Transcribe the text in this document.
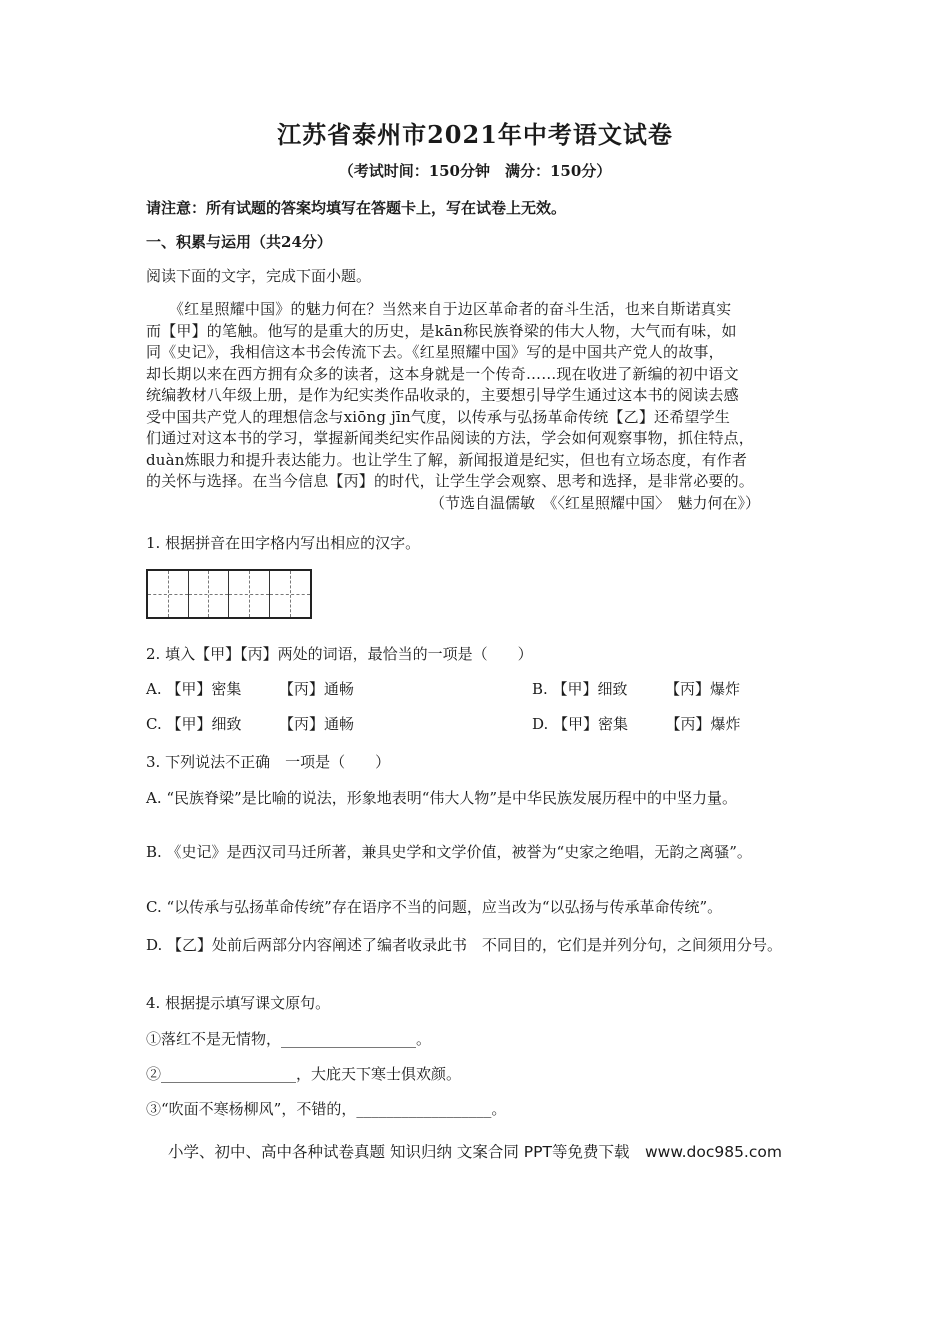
江苏省泰州市2021年中考语文试卷
（考试时间：150分钟　满分：150分）
请注意：所有试题的答案均填写在答题卡上，写在试卷上无效。
一、积累与运用（共24分）
阅读下面的文字，完成下面小题。
　　《红星照耀中国》的魅力何在？当然来自于边区革命者的奋斗生活，也来自斯诺真实
而【甲】的笔触。他写的是重大的历史，是kān称民族脊梁的伟大人物，大气而有味，如
同《史记》，我相信这本书会传流下去。《红星照耀中国》写的是中国共产党人的故事，
却长期以来在西方拥有众多的读者，这本身就是一个传奇……现在收进了新编的初中语文
统编教材八年级上册，是作为纪实类作品收录的，主要想引导学生通过这本书的阅读去感
受中国共产党人的理想信念与xiōng jīn气度，以传承与弘扬革命传统【乙】还希望学生
们通过对这本书的学习，掌握新闻类纪实作品阅读的方法，学会如何观察事物，抓住特点，
duàn炼眼力和提升表达能力。也让学生了解，新闻报道是纪实，但也有立场态度，有作者
的关怀与选择。在当今信息【丙】的时代，让学生学会观察、思考和选择，是非常必要的。
（节选自温儒敏　《〈红星照耀中国〉　魅力何在》）
1. 根据拼音在田字格内写出相应的汉字。
2. 填入【甲】【丙】两处的词语，最恰当的一项是（　　）
A. 【甲】密集　　　【丙】通畅	B. 【甲】细致　　　【丙】爆炸
C. 【甲】细致　　　【丙】通畅	D. 【甲】密集　　　【丙】爆炸
3. 下列说法不正确　一项是（　　）
A. “民族脊梁”是比喻的说法，形象地表明“伟大人物”是中华民族发展历程中的中坚力量。
B. 《史记》是西汉司马迁所著，兼具史学和文学价值，被誉为“史家之绝唱，无韵之离骚”。
C. “以传承与弘扬革命传统”存在语序不当的问题，应当改为“以弘扬与传承革命传统”。
D. 【乙】处前后两部分内容阐述了编者收录此书　不同目的，它们是并列分句，之间须用分号。
4. 根据提示填写课文原句。
①落红不是无情物，__________________。
②__________________，大庇天下寒士俱欢颜。
③“吹面不寒杨柳风”，不错的，__________________。
小学、初中、高中各种试卷真题 知识归纳 文案合同 PPT等免费下载　www.doc985.com
